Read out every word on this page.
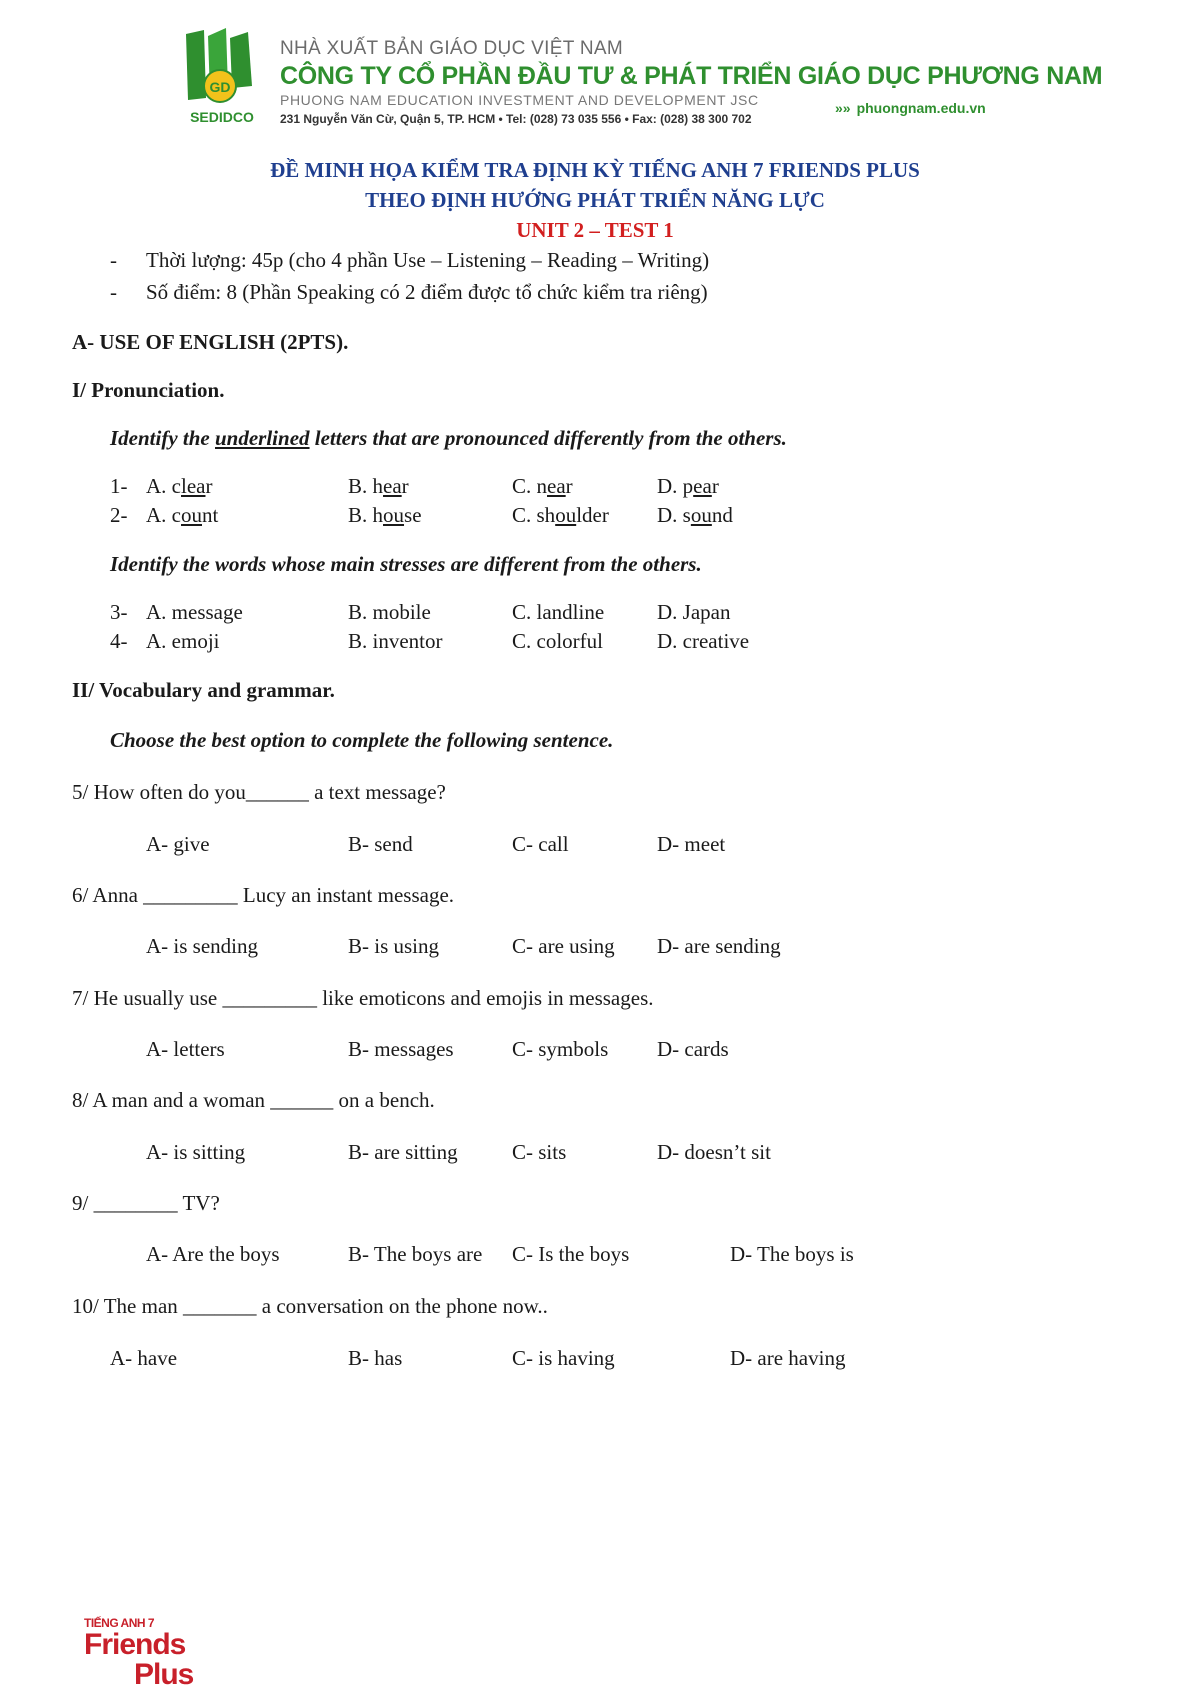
GD
SEDIDCO
NHÀ XUẤT BẢN GIÁO DỤC VIỆT NAM
CÔNG TY CỔ PHẦN ĐẦU TƯ & PHÁT TRIỂN GIÁO DỤC PHƯƠNG NAM
PHUONG NAM EDUCATION INVESTMENT AND DEVELOPMENT JSC
231 Nguyễn Văn Cừ, Quận 5, TP. HCM • Tel: (028) 73 035 556 • Fax: (028) 38 300 702
»» phuongnam.edu.vn
ĐỀ MINH HỌA KIỂM TRA ĐỊNH KỲ TIẾNG ANH 7 FRIENDS PLUS
THEO ĐỊNH HƯỚNG PHÁT TRIỂN NĂNG LỰC
UNIT 2 – TEST 1
- Thời lượng: 45p (cho 4 phần Use – Listening – Reading – Writing)
- Số điểm: 8 (Phần Speaking có 2 điểm được tổ chức kiểm tra riêng)
A- USE OF ENGLISH (2PTS).
I/ Pronunciation.
Identify the underlined letters that are pronounced differently from the others.
1- A. clear	B. hear	C. near	D. pear
2- A. count	B. house	C. shoulder D. sound
Identify the words whose main stresses are different from the others.
3- A. message	B. mobile	C. landline	D. Japan
4- A. emoji	B. inventor	C. colorful	D. creative
II/ Vocabulary and grammar.
Choose the best option to complete the following sentence.
5/ How often do you______ a text message?
A- give	B- send	C- call	D- meet
6/ Anna _________ Lucy an instant message.
A- is sending	B- is using	C- are using D- are sending
7/ He usually use _________ like emoticons and emojis in messages.
A- letters	B- messages	C- symbols D- cards
8/ A man and a woman ______ on a bench.
A- is sitting	B- are sitting	C- sits	D- doesn’t sit
9/ ________ TV?
A- Are the boys	B- The boys are C- Is the boys	D- The boys is
10/ The man _______ a conversation on the phone now..
A- have	B- has	C- is having	D- are having
TIẾNG ANH 7
Friends
Plus
